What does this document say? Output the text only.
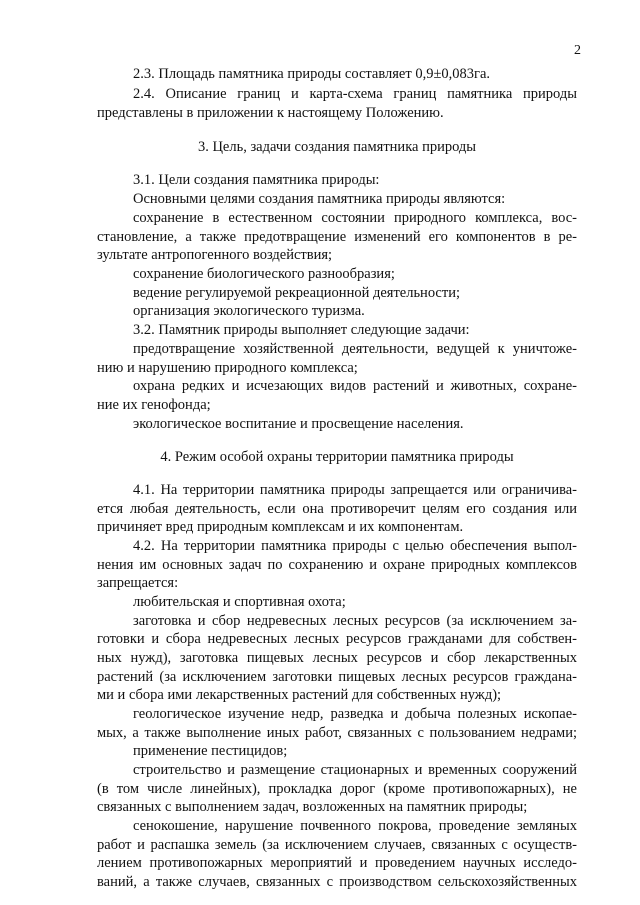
2
2.3. Площадь памятника природы составляет 0,9±0,083га.
2.4. Описание границ и карта-схема границ памятника природы
представлены в приложении к настоящему Положению.
3. Цель, задачи создания памятника природы
3.1. Цели создания памятника природы:
Основными целями создания памятника природы являются:
сохранение в естественном состоянии природного комплекса, вос-
становление, а также предотвращение изменений его компонентов в ре-
зультате антропогенного воздействия;
сохранение биологического разнообразия;
ведение регулируемой рекреационной деятельности;
организация экологического туризма.
3.2. Памятник природы выполняет следующие задачи:
предотвращение хозяйственной деятельности, ведущей к уничтоже-
нию и нарушению природного комплекса;
охрана редких и исчезающих видов растений и животных, сохране-
ние их генофонда;
экологическое воспитание и просвещение населения.
4. Режим особой охраны территории памятника природы
4.1. На территории памятника природы запрещается или ограничива-
ется любая деятельность, если она противоречит целям его создания или
причиняет вред природным комплексам и их компонентам.
4.2. На территории памятника природы с целью обеспечения выпол-
нения им основных задач по сохранению и охране природных комплексов
запрещается:
любительская и спортивная охота;
заготовка и сбор недревесных лесных ресурсов (за исключением за-
готовки и сбора недревесных лесных ресурсов гражданами для собствен-
ных нужд), заготовка пищевых лесных ресурсов и сбор лекарственных
растений (за исключением заготовки пищевых лесных ресурсов граждана-
ми и сбора ими лекарственных растений для собственных нужд);
геологическое изучение недр, разведка и добыча полезных ископае-
мых, а также выполнение иных работ, связанных с пользованием недрами;
применение пестицидов;
строительство и размещение стационарных и временных сооружений
(в том числе линейных), прокладка дорог (кроме противопожарных), не
связанных с выполнением задач, возложенных на памятник природы;
сенокошение, нарушение почвенного покрова, проведение земляных
работ и распашка земель (за исключением случаев, связанных с осуществ-
лением противопожарных мероприятий и проведением научных исследо-
ваний, а также случаев, связанных с производством сельскохозяйственных
